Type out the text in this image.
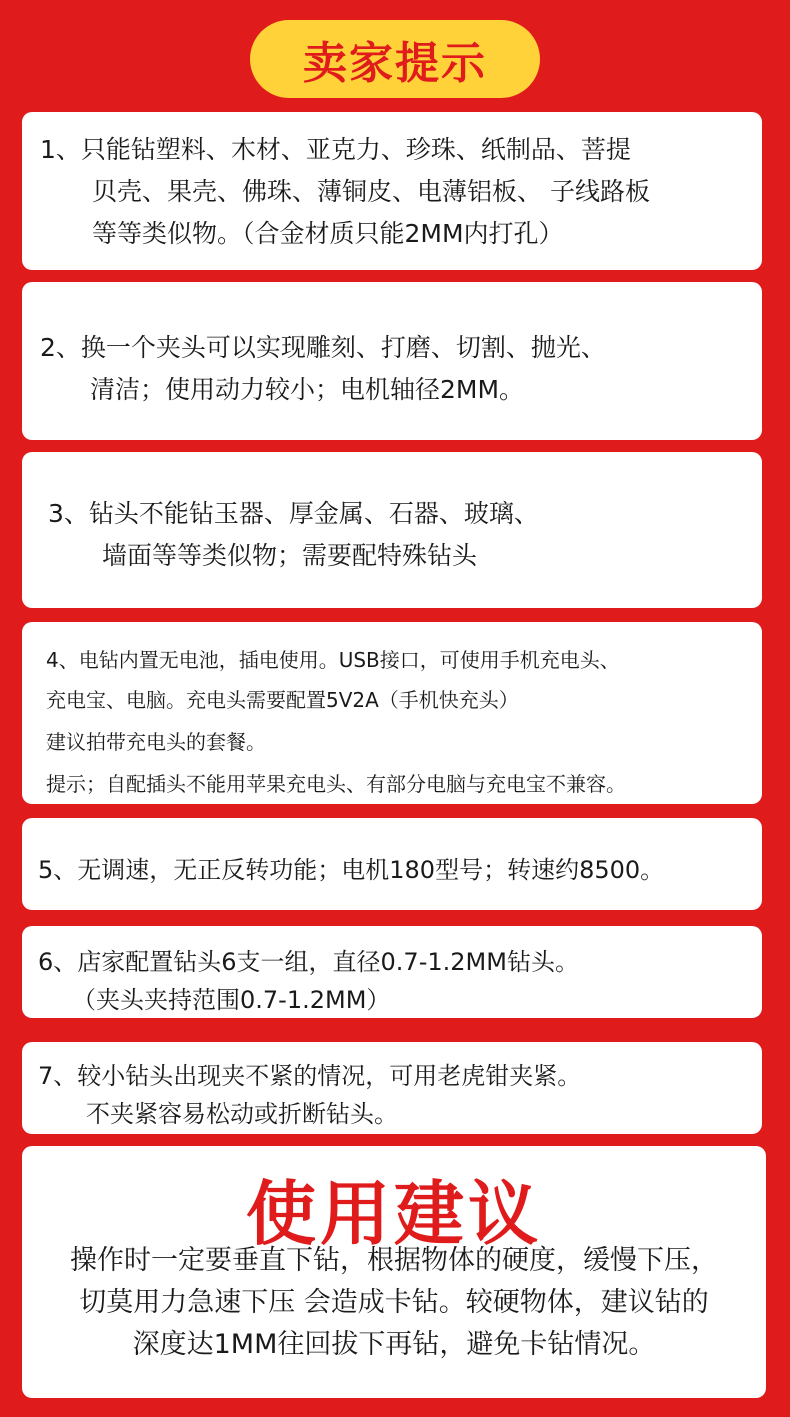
卖家提示
1、只能钻塑料、木材、亚克力、珍珠、纸制品、菩提
贝壳、果壳、佛珠、薄铜皮、电薄铝板、 子线路板
等等类似物。（合金材质只能2MM内打孔）
2、换一个夹头可以实现雕刻、打磨、切割、抛光、
清洁；使用动力较小；电机轴径2MM。
3、钻头不能钻玉器、厚金属、石器、玻璃、
墙面等等类似物；需要配特殊钻头
4、电钻内置无电池，插电使用。USB接口，可使用手机充电头、
充电宝、电脑。充电头需要配置5V2A（手机快充头）
建议拍带充电头的套餐。
提示；自配插头不能用苹果充电头、有部分电脑与充电宝不兼容。
5、无调速，无正反转功能；电机180型号；转速约8500。
6、店家配置钻头6支一组，直径0.7-1.2MM钻头。
（夹头夹持范围0.7-1.2MM）
7、较小钻头出现夹不紧的情况，可用老虎钳夹紧。
不夹紧容易松动或折断钻头。
使用建议
操作时一定要垂直下钻，根据物体的硬度，缓慢下压，
切莫用力急速下压 会造成卡钻。较硬物体，建议钻的
深度达1MM往回拔下再钻，避免卡钻情况。
